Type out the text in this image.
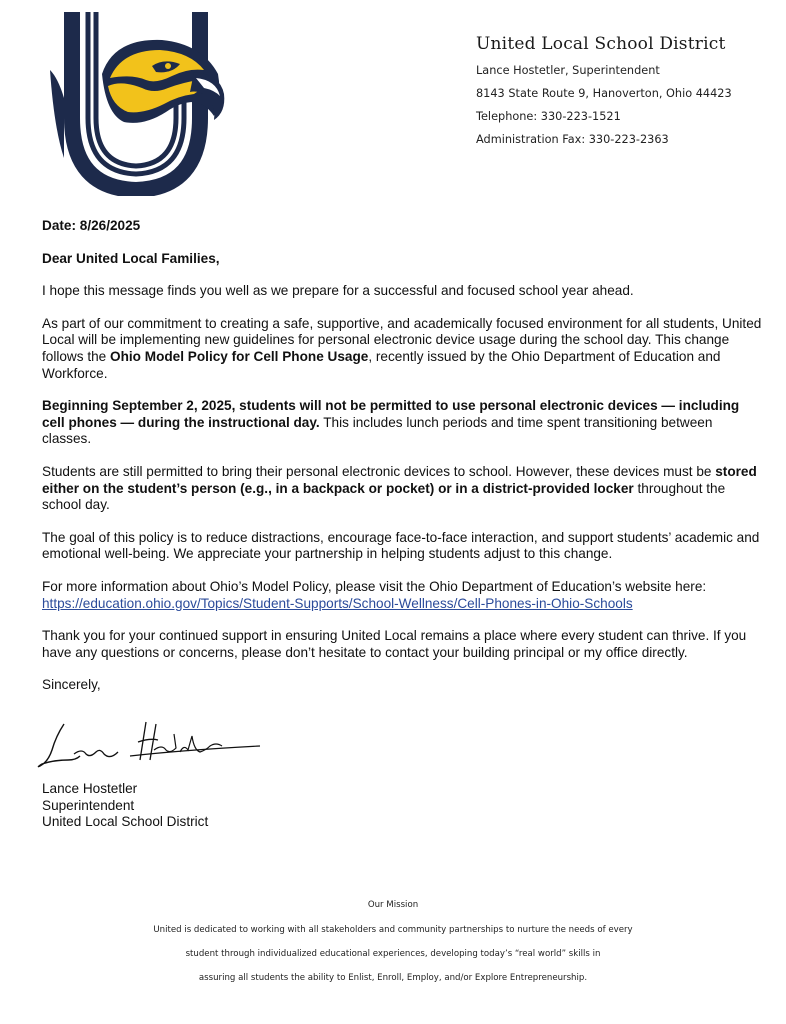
United Local School District

Lance Hostetler, Superintendent

8143 State Route 9, Hanoverton, Ohio 44423

Telephone: 330-223-1521

Administration Fax: 330-223-2363

Date: 8/26/2025

Dear United Local Families,

I hope this message finds you well as we prepare for a successful and focused school year ahead.

As part of our commitment to creating a safe, supportive, and academically focused environment for all students, United Local will be implementing new guidelines for personal electronic device usage during the school day. This change follows the Ohio Model Policy for Cell Phone Usage, recently issued by the Ohio Department of Education and Workforce.

Beginning September 2, 2025, students will not be permitted to use personal electronic devices — including cell phones — during the instructional day. This includes lunch periods and time spent transitioning between classes.

Students are still permitted to bring their personal electronic devices to school. However, these devices must be stored either on the student’s person (e.g., in a backpack or pocket) or in a district-provided locker throughout the school day.

The goal of this policy is to reduce distractions, encourage face-to-face interaction, and support students’ academic and emotional well-being. We appreciate your partnership in helping students adjust to this change.

For more information about Ohio’s Model Policy, please visit the Ohio Department of Education’s website here:
https://education.ohio.gov/Topics/Student-Supports/School-Wellness/Cell-Phones-in-Ohio-Schools

Thank you for your continued support in ensuring United Local remains a place where every student can thrive. If you have any questions or concerns, please don’t hesitate to contact your building principal or my office directly.

Sincerely,

Lance Hostetler
Superintendent
United Local School District

Our Mission

United is dedicated to working with all stakeholders and community partnerships to nurture the needs of every

student through individualized educational experiences, developing today’s “real world” skills in

assuring all students the ability to Enlist, Enroll, Employ, and/or Explore Entrepreneurship.
